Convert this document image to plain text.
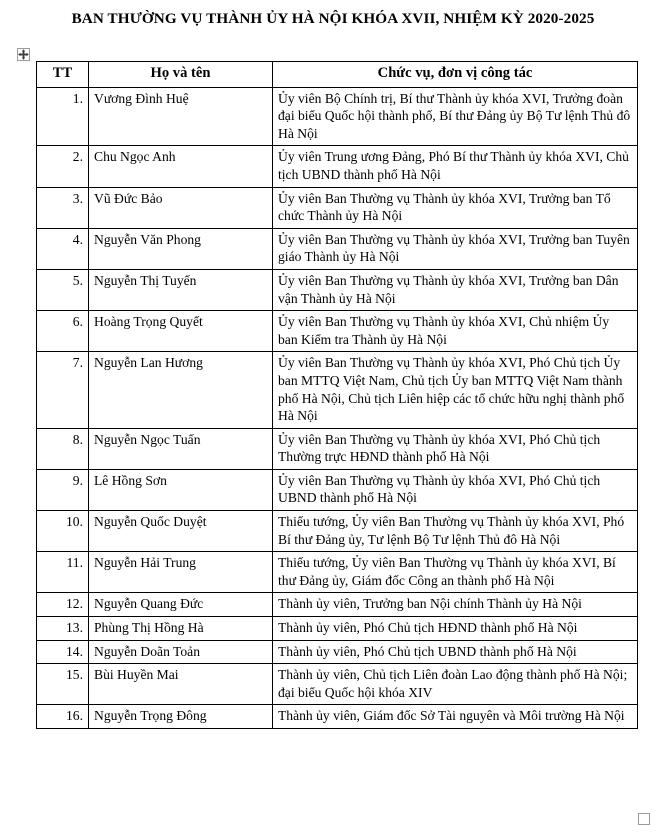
BAN THƯỜNG VỤ THÀNH ỦY HÀ NỘI KHÓA XVII, NHIỆM KỲ 2020-2025
TT	Họ và tên	Chức vụ, đơn vị công tác
1.	Vương Đình Huệ	Ủy viên Bộ Chính trị, Bí thư Thành ủy khóa XVI, Trưởng đoàn đại biểu Quốc hội thành phố, Bí thư Đảng ủy Bộ Tư lệnh Thủ đô Hà Nội
2.	Chu Ngọc Anh	Ủy viên Trung ương Đảng, Phó Bí thư Thành ủy khóa XVI, Chủ tịch UBND thành phố Hà Nội
3.	Vũ Đức Bảo	Ủy viên Ban Thường vụ Thành ủy khóa XVI, Trưởng ban Tổ chức Thành ủy Hà Nội
4.	Nguyễn Văn Phong	Ủy viên Ban Thường vụ Thành ủy khóa XVI, Trưởng ban Tuyên giáo Thành ủy Hà Nội
5.	Nguyễn Thị Tuyến	Ủy viên Ban Thường vụ Thành ủy khóa XVI, Trưởng ban Dân vận Thành ủy Hà Nội
6.	Hoàng Trọng Quyết	Ủy viên Ban Thường vụ Thành ủy khóa XVI, Chủ nhiệm Ủy ban Kiểm tra Thành ủy Hà Nội
7.	Nguyễn Lan Hương	Ủy viên Ban Thường vụ Thành ủy khóa XVI, Phó Chủ tịch Ủy ban MTTQ Việt Nam, Chủ tịch Ủy ban MTTQ Việt Nam thành phố Hà Nội, Chủ tịch Liên hiệp các tổ chức hữu nghị thành phố Hà Nội
8.	Nguyễn Ngọc Tuấn	Ủy viên Ban Thường vụ Thành ủy khóa XVI, Phó Chủ tịch Thường trực HĐND thành phố Hà Nội
9.	Lê Hồng Sơn	Ủy viên Ban Thường vụ Thành ủy khóa XVI, Phó Chủ tịch UBND thành phố Hà Nội
10.	Nguyễn Quốc Duyệt	Thiếu tướng, Ủy viên Ban Thường vụ Thành ủy khóa XVI, Phó Bí thư Đảng ủy, Tư lệnh Bộ Tư lệnh Thủ đô Hà Nội
11.	Nguyễn Hải Trung	Thiếu tướng, Ủy viên Ban Thường vụ Thành ủy khóa XVI, Bí thư Đảng ủy, Giám đốc Công an thành phố Hà Nội
12.	Nguyễn Quang Đức	Thành ủy viên, Trưởng ban Nội chính Thành ủy Hà Nội
13.	Phùng Thị Hồng Hà	Thành ủy viên, Phó Chủ tịch HĐND thành phố Hà Nội
14.	Nguyễn Doãn Toản	Thành ủy viên, Phó Chủ tịch UBND thành phố Hà Nội
15.	Bùi Huyền Mai	Thành ủy viên, Chủ tịch Liên đoàn Lao động thành phố Hà Nội; đại biểu Quốc hội khóa XIV
16.	Nguyễn Trọng Đông	Thành ủy viên, Giám đốc Sở Tài nguyên và Môi trường Hà Nội
